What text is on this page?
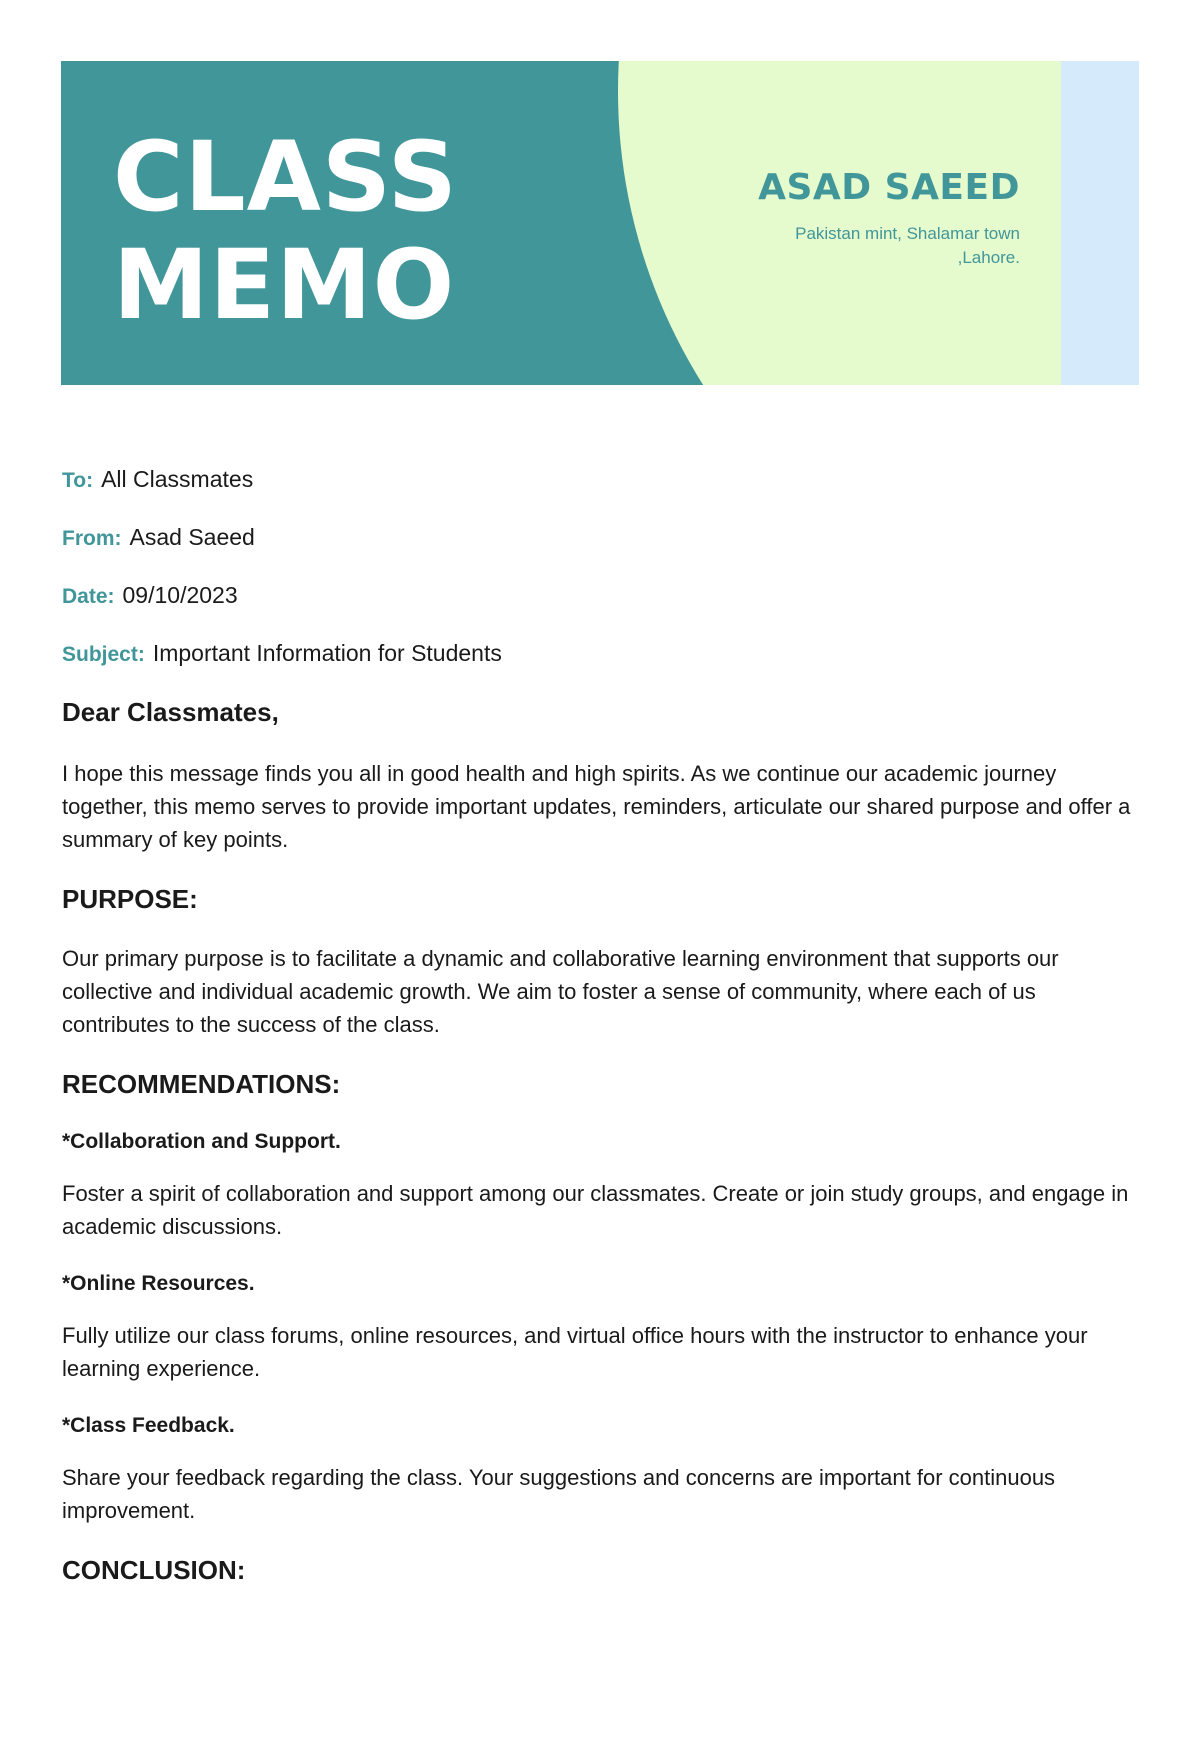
CLASS
MEMO

ASAD SAEED

Pakistan mint, Shalamar town ,Lahore.
To: All Classmates
From: Asad Saeed
Date: 09/10/2023
Subject: Important Information for Students

Dear Classmates,

I hope this message finds you all in good health and high spirits. As we continue our academic journey together, this memo serves to provide important updates, reminders, articulate our shared purpose and offer a summary of key points.

PURPOSE:

Our primary purpose is to facilitate a dynamic and collaborative learning environment that supports our collective and individual academic growth. We aim to foster a sense of community, where each of us contributes to the success of the class.

RECOMMENDATIONS:

*Collaboration and Support.

Foster a spirit of collaboration and support among our classmates. Create or join study groups, and engage in academic discussions.

*Online Resources.

Fully utilize our class forums, online resources, and virtual office hours with the instructor to enhance your learning experience.

*Class Feedback.

Share your feedback regarding the class. Your suggestions and concerns are important for continuous improvement.

CONCLUSION:
